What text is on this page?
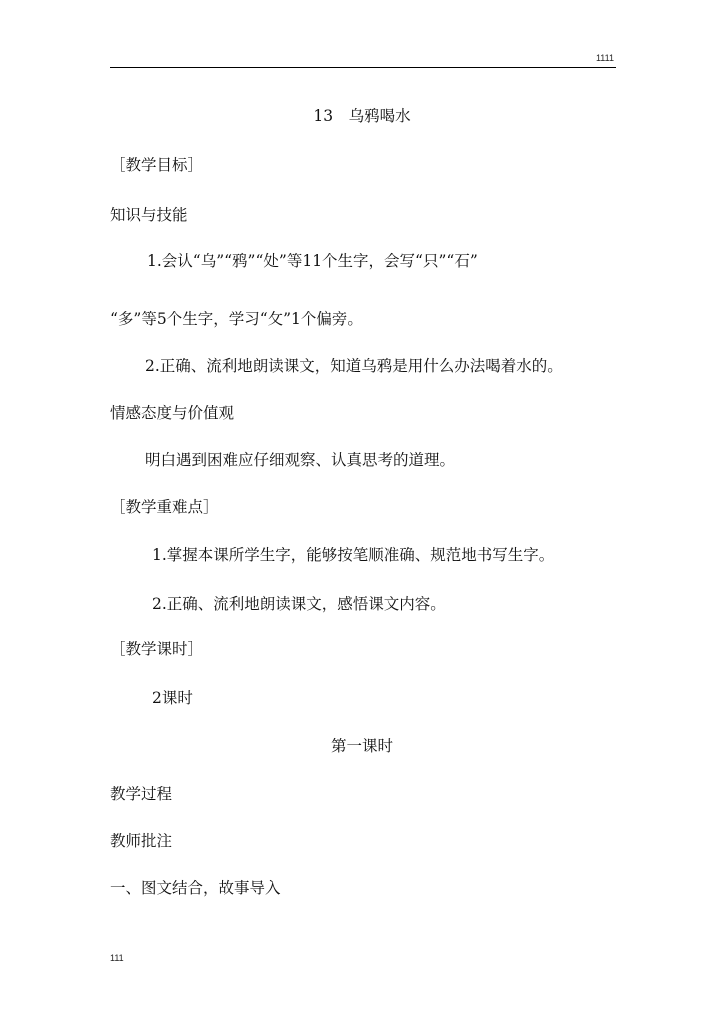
1111
13　乌鸦喝水
［教学目标］
知识与技能
1.会认“乌”“鸦”“处”等11个生字，会写“只”“石”
“多”等5个生字，学习“攵”1个偏旁。
2.正确、流利地朗读课文，知道乌鸦是用什么办法喝着水的。
情感态度与价值观
明白遇到困难应仔细观察、认真思考的道理。
［教学重难点］
1.掌握本课所学生字，能够按笔顺准确、规范地书写生字。
2.正确、流利地朗读课文，感悟课文内容。
［教学课时］
2课时
第一课时
教学过程
教师批注
一、图文结合，故事导入
111
